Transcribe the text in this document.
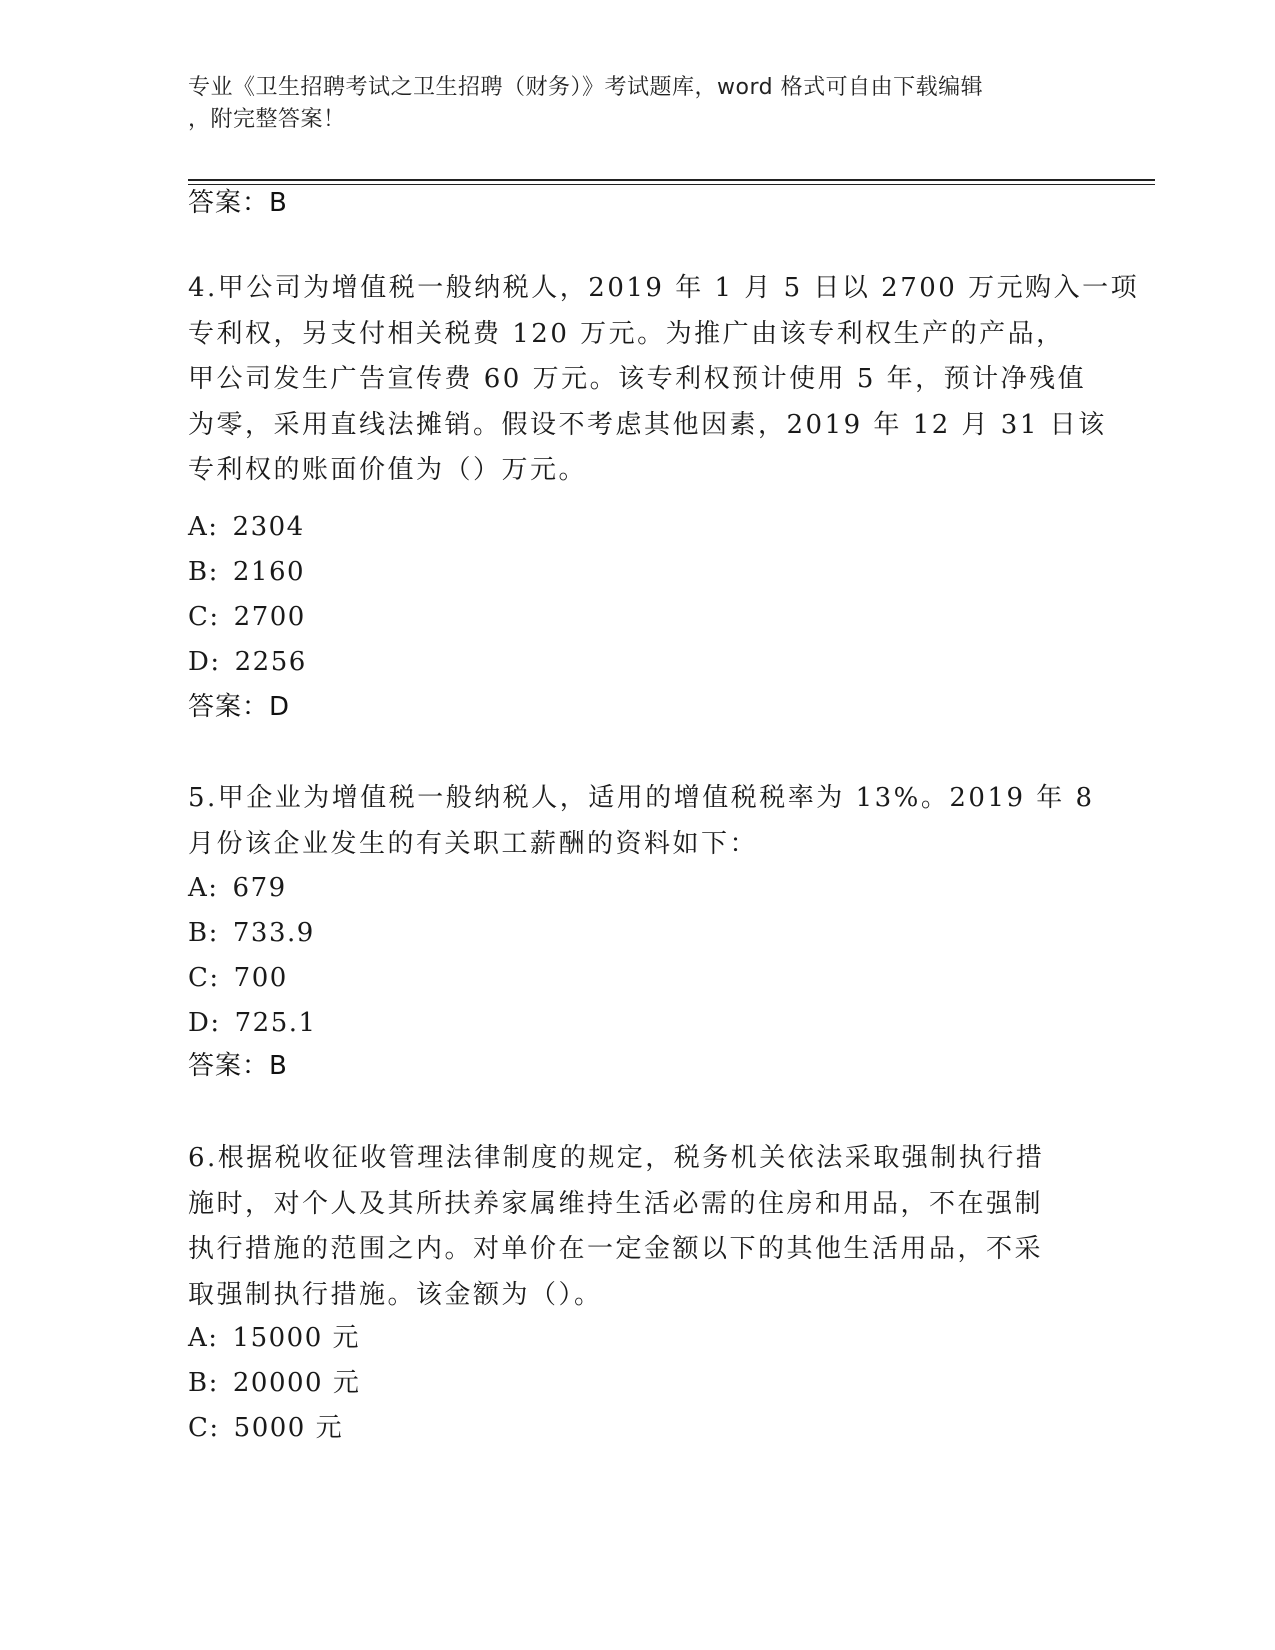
专业《卫生招聘考试之卫生招聘（财务）》考试题库，word 格式可自由下载编辑
，附完整答案！
答案：B
4.甲公司为增值税一般纳税人，2019 年 1 月 5 日以 2700 万元购入一项
专利权，另支付相关税费 120 万元。为推广由该专利权生产的产品，
甲公司发生广告宣传费 60 万元。该专利权预计使用 5 年，预计净残值
为零，采用直线法摊销。假设不考虑其他因素，2019 年 12 月 31 日该
专利权的账面价值为（）万元。
A: 2304
B: 2160
C: 2700
D: 2256
答案：D
5.甲企业为增值税一般纳税人，适用的增值税税率为 13%。2019 年 8
月份该企业发生的有关职工薪酬的资料如下：
A: 679
B: 733.9
C: 700
D: 725.1
答案：B
6.根据税收征收管理法律制度的规定，税务机关依法采取强制执行措
施时，对个人及其所扶养家属维持生活必需的住房和用品，不在强制
执行措施的范围之内。对单价在一定金额以下的其他生活用品，不采
取强制执行措施。该金额为（）。
A: 15000 元
B: 20000 元
C: 5000 元
